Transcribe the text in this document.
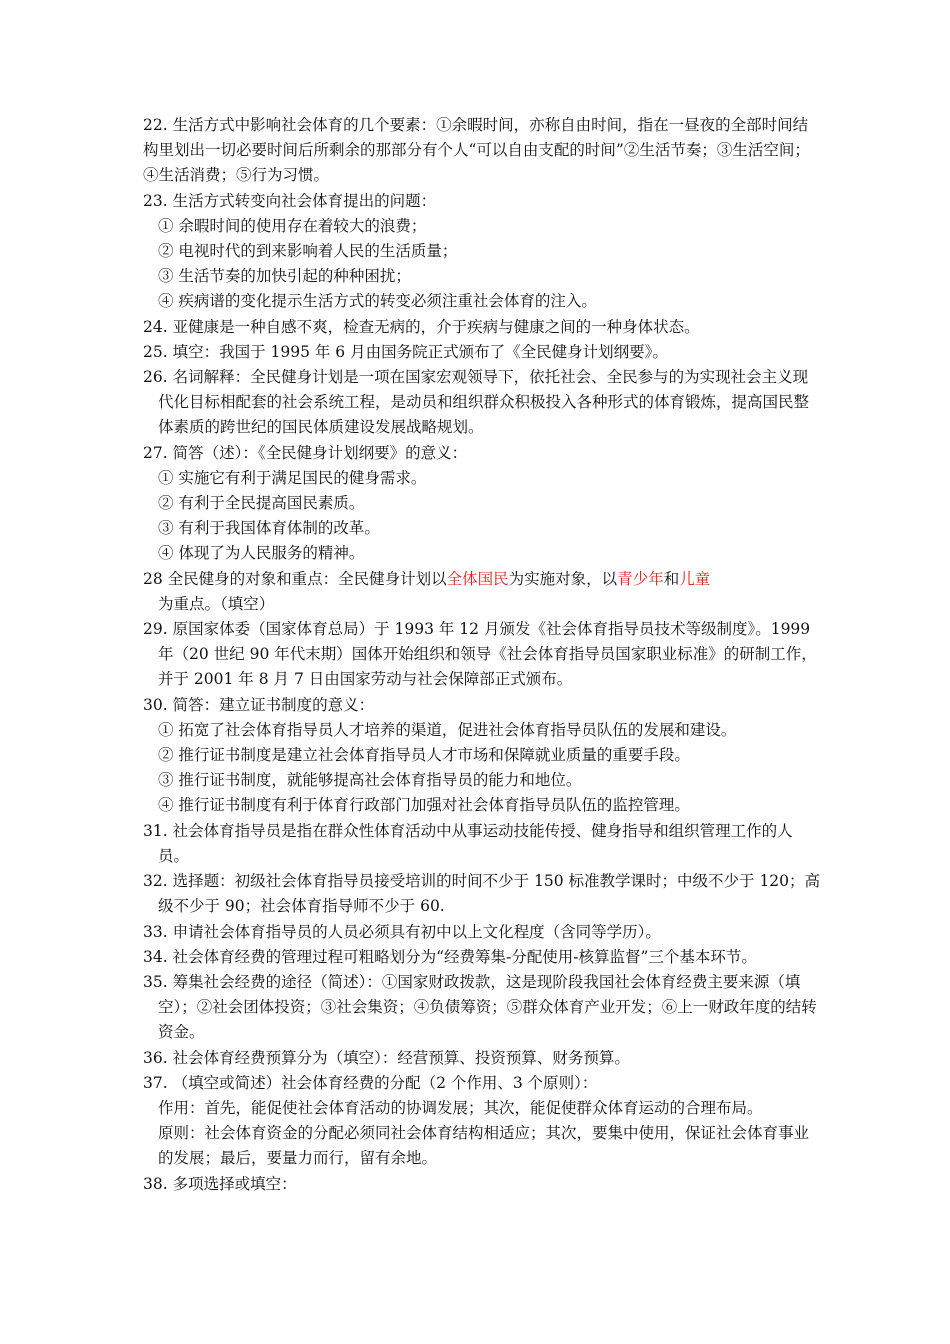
22. 生活方式中影响社会体育的几个要素：①余暇时间，亦称自由时间，指在一昼夜的全部时间结构里划出一切必要时间后所剩余的那部分有个人“可以自由支配的时间”②生活节奏；③生活空间；④生活消费；⑤行为习惯。

23. 生活方式转变向社会体育提出的问题：

① 余暇时间的使用存在着较大的浪费；

② 电视时代的到来影响着人民的生活质量；

③ 生活节奏的加快引起的种种困扰；

④ 疾病谱的变化提示生活方式的转变必须注重社会体育的注入。

24. 亚健康是一种自感不爽，检查无病的，介于疾病与健康之间的一种身体状态。

25. 填空：我国于 1995 年 6 月由国务院正式颁布了《全民健身计划纲要》。

26. 名词解释：全民健身计划是一项在国家宏观领导下，依托社会、全民参与的为实现社会主义现代化目标相配套的社会系统工程，是动员和组织群众积极投入各种形式的体育锻炼，提高国民整体素质的跨世纪的国民体质建设发展战略规划。

27. 简答（述）：《全民健身计划纲要》的意义：

① 实施它有利于满足国民的健身需求。

② 有利于全民提高国民素质。

③ 有利于我国体育体制的改革。

④ 体现了为人民服务的精神。

28 全民健身的对象和重点：全民健身计划以全体国民为实施对象，以青少年和儿童为重点。（填空）

29. 原国家体委（国家体育总局）于 1993 年 12 月颁发《社会体育指导员技术等级制度》。1999 年（20 世纪 90 年代末期）国体开始组织和领导《社会体育指导员国家职业标准》的研制工作，并于 2001 年 8 月 7 日由国家劳动与社会保障部正式颁布。

30. 简答：建立证书制度的意义：

① 拓宽了社会体育指导员人才培养的渠道，促进社会体育指导员队伍的发展和建设。

② 推行证书制度是建立社会体育指导员人才市场和保障就业质量的重要手段。

③ 推行证书制度，就能够提高社会体育指导员的能力和地位。

④ 推行证书制度有利于体育行政部门加强对社会体育指导员队伍的监控管理。

31. 社会体育指导员是指在群众性体育活动中从事运动技能传授、健身指导和组织管理工作的人员。

32. 选择题：初级社会体育指导员接受培训的时间不少于 150 标准教学课时；中级不少于 120；高级不少于 90；社会体育指导师不少于 60.

33. 申请社会体育指导员的人员必须具有初中以上文化程度（含同等学历）。

34. 社会体育经费的管理过程可粗略划分为“经费筹集-分配使用-核算监督”三个基本环节。

35. 筹集社会经费的途径（简述）：①国家财政拨款，这是现阶段我国社会体育经费主要来源（填空）；②社会团体投资；③社会集资；④负债筹资；⑤群众体育产业开发；⑥上一财政年度的结转资金。

36. 社会体育经费预算分为（填空）：经营预算、投资预算、财务预算。

37. （填空或简述）社会体育经费的分配（2 个作用、3 个原则）：

作用：首先，能促使社会体育活动的协调发展；其次，能促使群众体育运动的合理布局。

原则：社会体育资金的分配必须同社会体育结构相适应；其次，要集中使用，保证社会体育事业的发展；最后，要量力而行，留有余地。

38. 多项选择或填空：
